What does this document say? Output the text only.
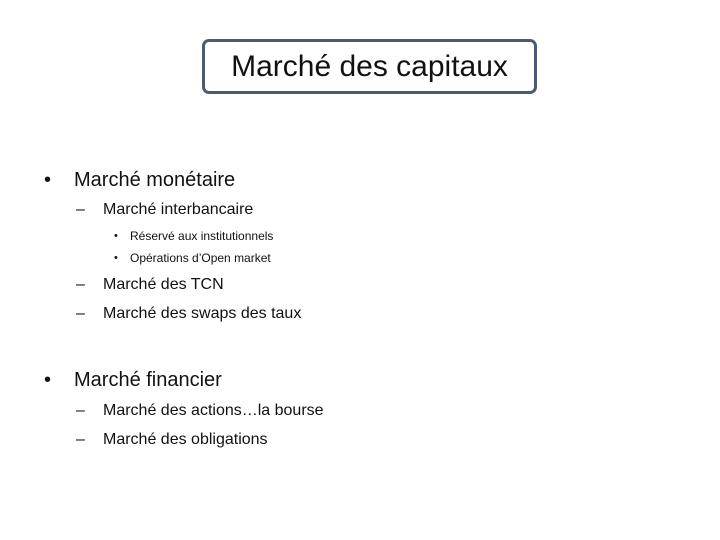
Marché des capitaux
•	Marché monétaire
–	Marché interbancaire
•	Réservé aux institutionnels
•	Opérations d’Open market
–	Marché des TCN
–	Marché des swaps des taux
•	Marché financier
–	Marché des actions…la bourse
–	Marché des obligations
